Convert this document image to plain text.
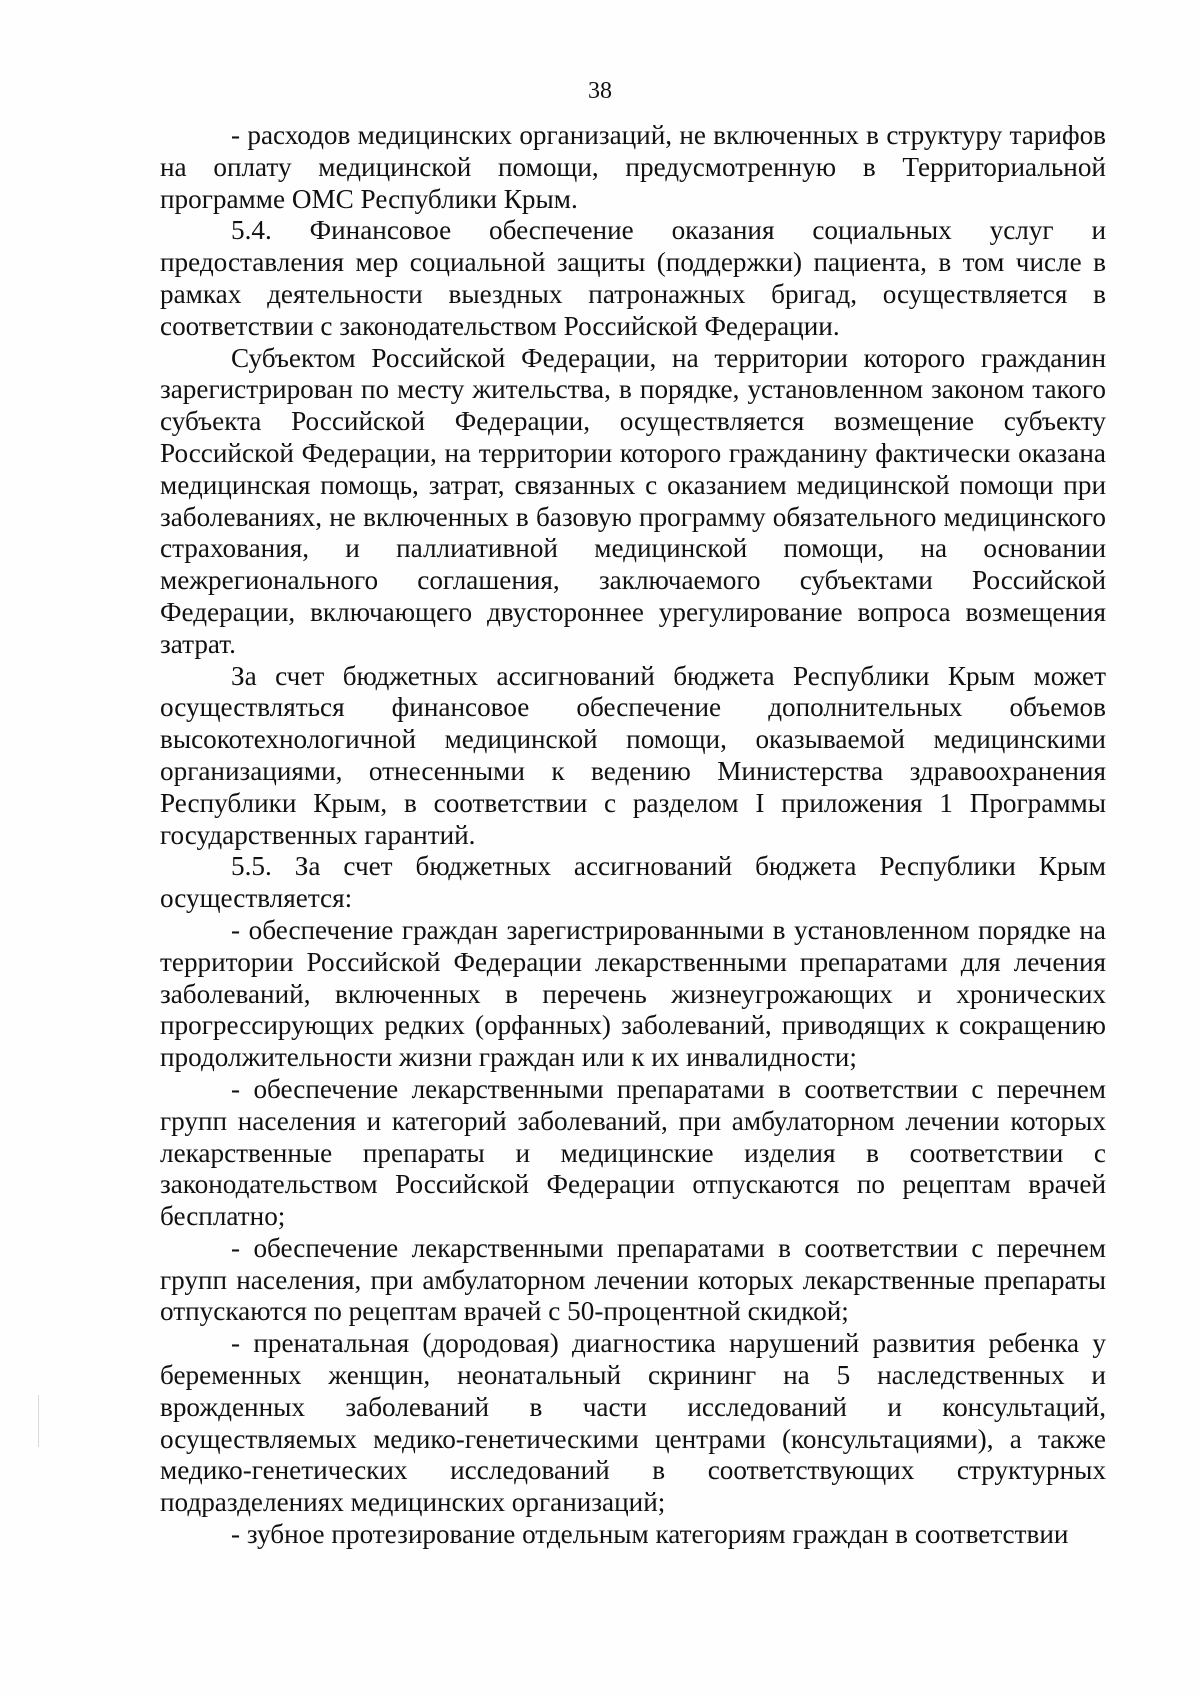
38

- расходов медицинских организаций, не включенных в структуру тарифов на оплату медицинской помощи, предусмотренную в Территориальной программе ОМС Республики Крым.

5.4. Финансовое обеспечение оказания социальных услуг и предоставления мер социальной защиты (поддержки) пациента, в том числе в рамках деятельности выездных патронажных бригад, осуществляется в соответствии с законодательством Российской Федерации.

Субъектом Российской Федерации, на территории которого гражданин зарегистрирован по месту жительства, в порядке, установленном законом такого субъекта Российской Федерации, осуществляется возмещение субъекту Российской Федерации, на территории которого гражданину фактически оказана медицинская помощь, затрат, связанных с оказанием медицинской помощи при заболеваниях, не включенных в базовую программу обязательного медицинского страхования, и паллиативной медицинской помощи, на основании межрегионального соглашения, заключаемого субъектами Российской Федерации, включающего двустороннее урегулирование вопроса возмещения затрат.

За счет бюджетных ассигнований бюджета Республики Крым может осуществляться финансовое обеспечение дополнительных объемов высокотехнологичной медицинской помощи, оказываемой медицинскими организациями, отнесенными к ведению Министерства здравоохранения Республики Крым, в соответствии с разделом I приложения 1 Программы государственных гарантий.

5.5. За счет бюджетных ассигнований бюджета Республики Крым осуществляется:

- обеспечение граждан зарегистрированными в установленном порядке на территории Российской Федерации лекарственными препаратами для лечения заболеваний, включенных в перечень жизнеугрожающих и хронических прогрессирующих редких (орфанных) заболеваний, приводящих к сокращению продолжительности жизни граждан или к их инвалидности;

- обеспечение лекарственными препаратами в соответствии с перечнем групп населения и категорий заболеваний, при амбулаторном лечении которых лекарственные препараты и медицинские изделия в соответствии с законодательством Российской Федерации отпускаются по рецептам врачей бесплатно;

- обеспечение лекарственными препаратами в соответствии с перечнем групп населения, при амбулаторном лечении которых лекарственные препараты отпускаются по рецептам врачей с 50-процентной скидкой;

- пренатальная (дородовая) диагностика нарушений развития ребенка у беременных женщин, неонатальный скрининг на 5 наследственных и врожденных заболеваний в части исследований и консультаций, осуществляемых медико-генетическими центрами (консультациями), а также медико-генетических исследований в соответствующих структурных подразделениях медицинских организаций;

- зубное протезирование отдельным категориям граждан в соответствии
